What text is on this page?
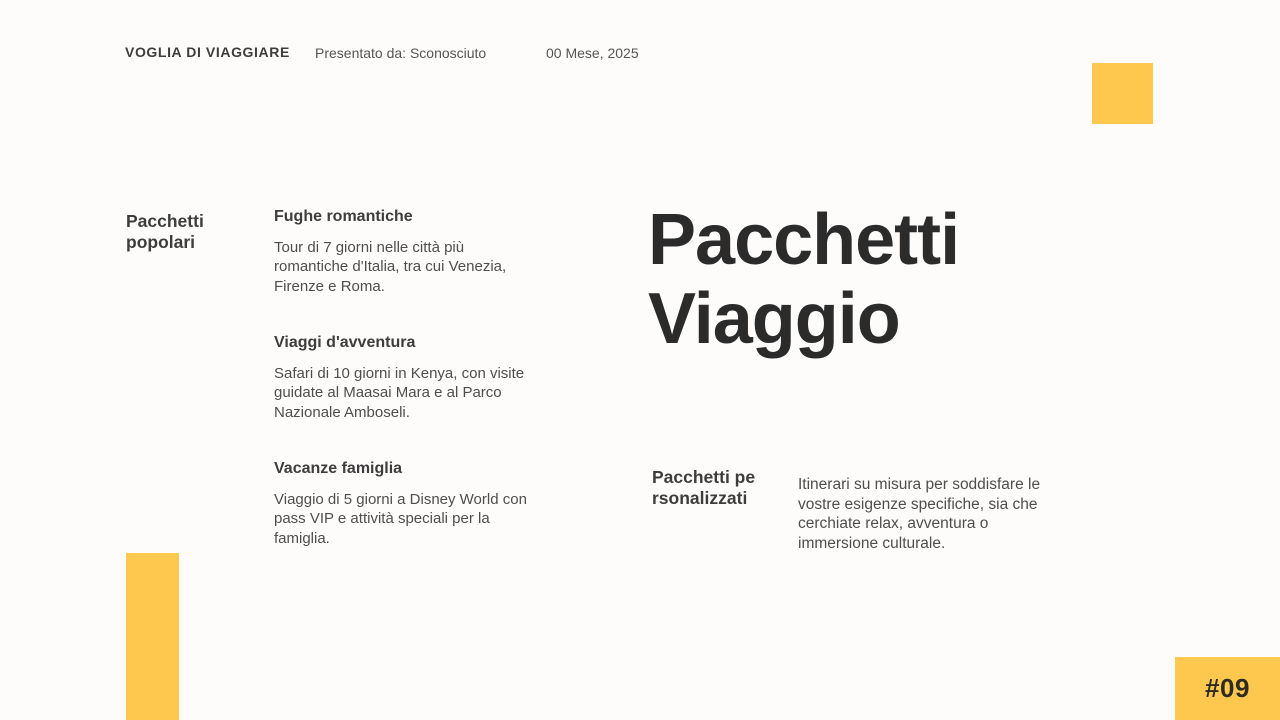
VOGLIA DI VIAGGIARE Presentato da: Sconosciuto	00 Mese, 2025
Pacchetti popolari
Fughe romantiche
Tour di 7 giorni nelle città più romantiche d'Italia, tra cui Venezia, Firenze e Roma.
Viaggi d'avventura
Safari di 10 giorni in Kenya, con visite guidate al Maasai Mara e al Parco Nazionale Amboseli.
Vacanze famiglia
Viaggio di 5 giorni a Disney World con pass VIP e attività speciali per la famiglia.
Pacchetti Viaggio
Pacchetti personalizzati
Itinerari su misura per soddisfare le vostre esigenze specifiche, sia che cerchiate relax, avventura o immersione culturale.
#09
